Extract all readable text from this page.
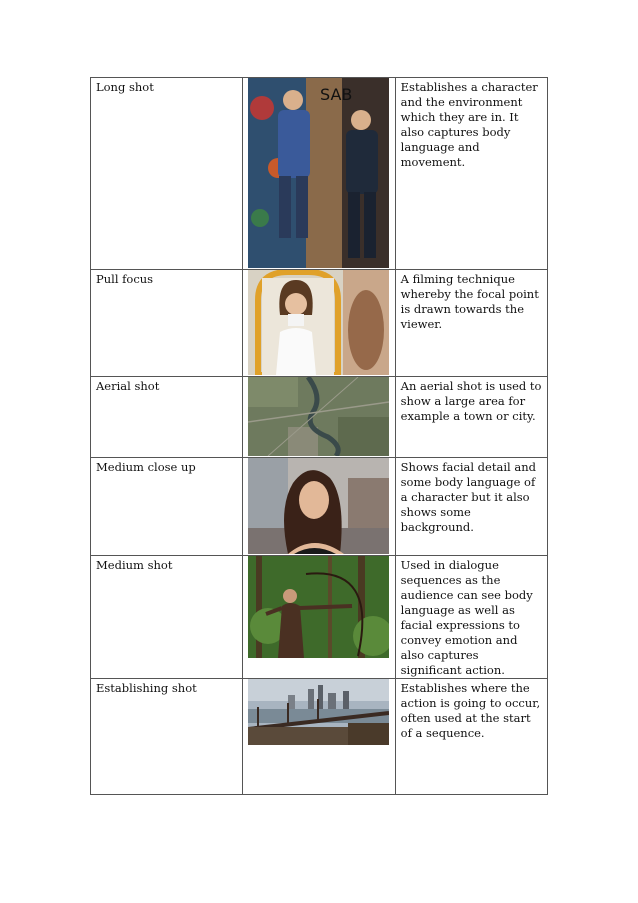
Long shot	SAB	Establishes a character and the environment which they are in. It also captures body language and movement.
Pull focus		A filming technique whereby the focal point is drawn towards the viewer.
Aerial shot		An aerial shot is used to show a large area for example a town or city.
Medium close up		Shows facial detail and some body language of a character but it also shows some background.
Medium shot		Used in dialogue sequences as the audience can see body language as well as facial expressions to convey emotion and also captures significant action.
Establishing shot		Establishes where the action is going to occur, often used at the start of a sequence.
